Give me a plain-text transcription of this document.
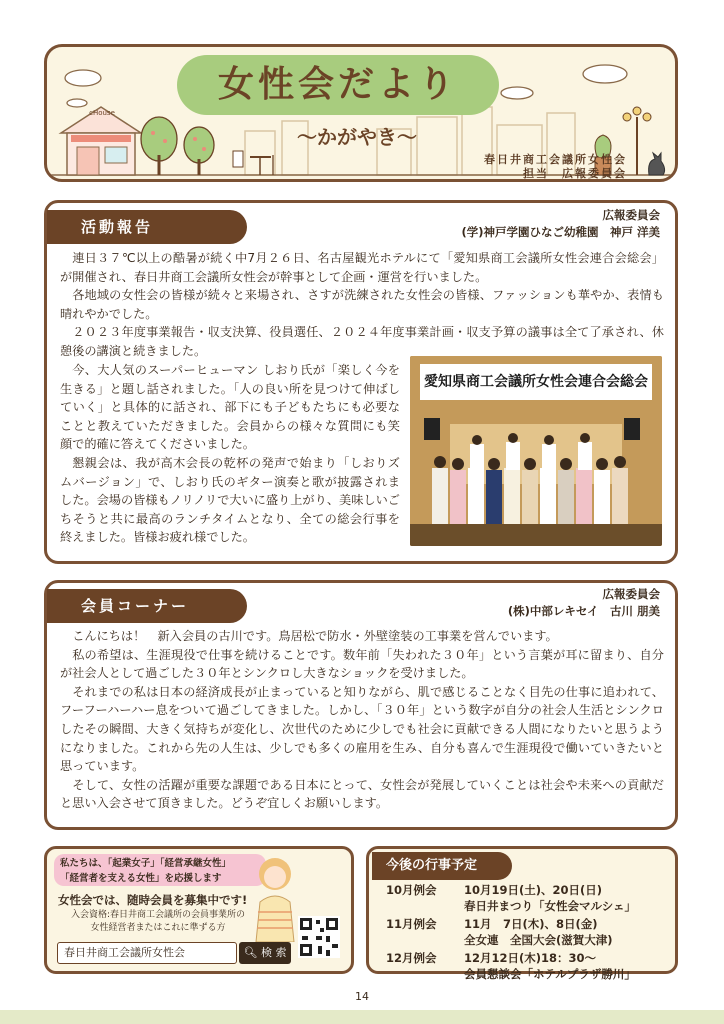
女性会だより
〜かがやき〜
cHouse
春日井商工会議所女性会
担当　広報委員会
活動報告
広報委員会
(学)神戸学園ひなご幼稚園　神戸 洋美

連日３７℃以上の酷暑が続く中7月２６日、名古屋観光ホテルにて「愛知県商工会議所女性会連合会総会」が開催され、春日井商工会議所女性会が幹事として企画・運営を行いました。

各地域の女性会の皆様が続々と来場され、さすが洗練された女性会の皆様、ファッションも華やか、表情も晴れやかでした。

２０２３年度事業報告・収支決算、役員選任、２０２４年度事業計画・収支予算の議事は全て了承され、休憩後の講演と続きました。

今、大人気のスーパーヒューマン しおり氏が「楽しく今を生きる」と題し話されました。「人の良い所を見つけて伸ばしていく」と具体的に話され、部下にも子どもたちにも必要なことと教えていただきました。会員からの様々な質問にも笑顔で的確に答えてくださいました。

懇親会は、我が高木会長の乾杯の発声で始まり「しおりズムバージョン」で、しおり氏のギター演奏と歌が披露されました。会場の皆様もノリノリで大いに盛り上がり、美味しいごちそうと共に最高のランチタイムとなり、全ての総会行事を終えました。皆様お疲れ様でした。

愛知県商工会議所女性会連合会総会
会員コーナー
広報委員会
(株)中部レキセイ　古川 朋美

こんにちは！　新入会員の古川です。鳥居松で防水・外壁塗装の工事業を営んでいます。

私の希望は、生涯現役で仕事を続けることです。数年前「失われた３０年」という言葉が耳に留まり、自分が社会人として過ごした３０年とシンクロし大きなショックを受けました。

それまでの私は日本の経済成長が止まっていると知りながら、肌で感じることなく目先の仕事に追われて、フーフーハーハー息をついて過ごしてきました。しかし、「３０年」という数字が自分の社会人生活とシンクロしたその瞬間、大きく気持ちが変化し、次世代のために少しでも社会に貢献できる人間になりたいと思うようになりました。これから先の人生は、少しでも多くの雇用を生み、自分も喜んで生涯現役で働いていきたいと思っています。

そして、女性の活躍が重要な課題である日本にとって、女性会が発展していくことは社会や未来への貢献だと思い入会させて頂きました。どうぞ宜しくお願いします。

私たちは、「起業女子」「経営承継女性」
「経営者を支える女性」を応援します
女性会では、随時会員を募集中です!
入会資格:春日井商工会議所の会員事業所の
女性経営者またはこれに準ずる方
春日井商工会議所女性会	🔍︎ 検 索
今後の行事予定
10月例会	10月19日(土)、20日(日)
春日井まつり「女性会マルシェ」
11月例会	11月　7日(木)、8日(金)
全女連　全国大会(滋賀大津)
12月例会	12月12日(木)18：30〜
会員懇談会「ホテルプラザ勝川」
14
